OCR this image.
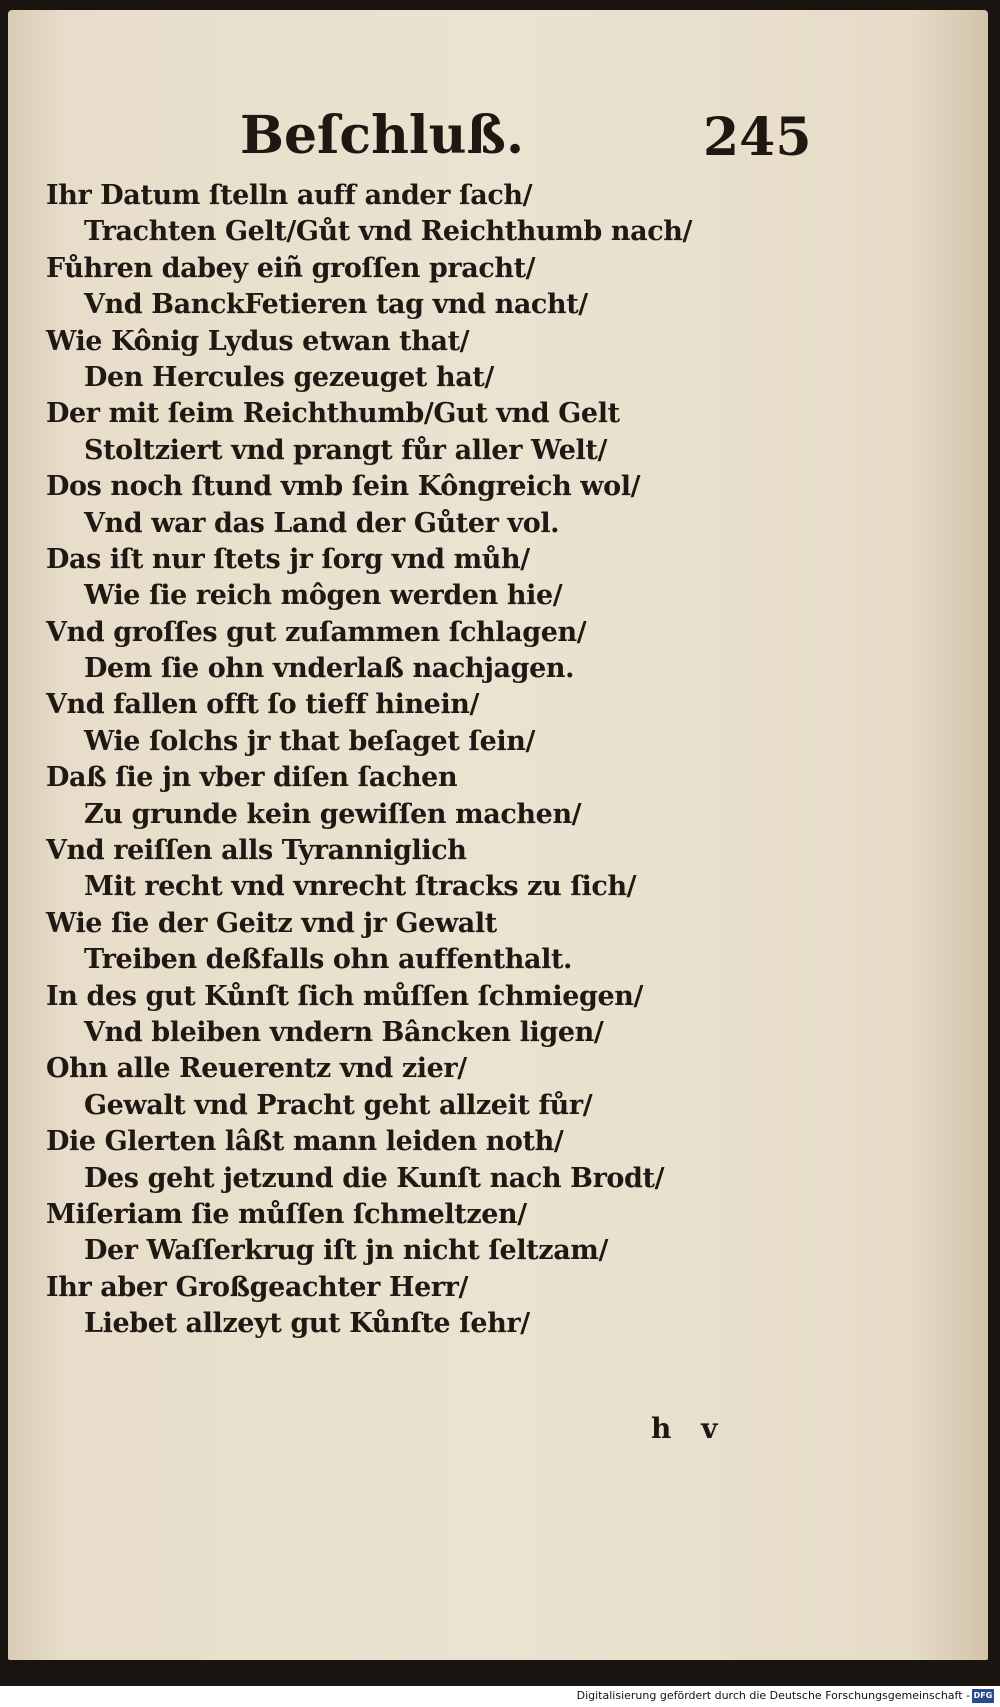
Beſchluß.	245
Ihr Datum ſtelln auff ander ſach/
Trachten Gelt/Gůt vnd Reichthumb nach/
Fůhren dabey eiñ groſſen pracht/
Vnd BanckFetieren tag vnd nacht/
Wie Kônig Lydus etwan that/
Den Hercules gezeuget hat/
Der mit ſeim Reichthumb/Gut vnd Gelt
Stoltziert vnd prangt fůr aller Welt/
Dos noch ſtund vmb ſein Kôngreich wol/
Vnd war das Land der Gůter vol.
Das iſt nur ſtets jr ſorg vnd můh/
Wie ſie reich môgen werden hie/
Vnd groſſes gut zuſammen ſchlagen/
Dem ſie ohn vnderlaß nachjagen.
Vnd fallen offt ſo tieff hinein/
Wie ſolchs jr that beſaget ſein/
Daß ſie jn vber diſen ſachen
Zu grunde kein gewiſſen machen/
Vnd reiſſen alls Tyranniglich
Mit recht vnd vnrecht ſtracks zu ſich/
Wie ſie der Geitz vnd jr Gewalt
Treiben deßfalls ohn auffenthalt.
In des gut Kůnſt ſich můſſen ſchmiegen/
Vnd bleiben vndern Bâncken ligen/
Ohn alle Reuerentz vnd zier/
Gewalt vnd Pracht geht allzeit fůr/
Die Glerten lâßt mann leiden noth/
Des geht jetzund die Kunſt nach Brodt/
Miſeriam ſie můſſen ſchmeltzen/
Der Waſſerkrug iſt jn nicht ſeltzam/
Ihr aber Großgeachter Herr/
Liebet allzeyt gut Kůnſte ſehr/
h v
Digitalisierung gefördert durch die Deutsche Forschungsgemeinschaft - DFG
